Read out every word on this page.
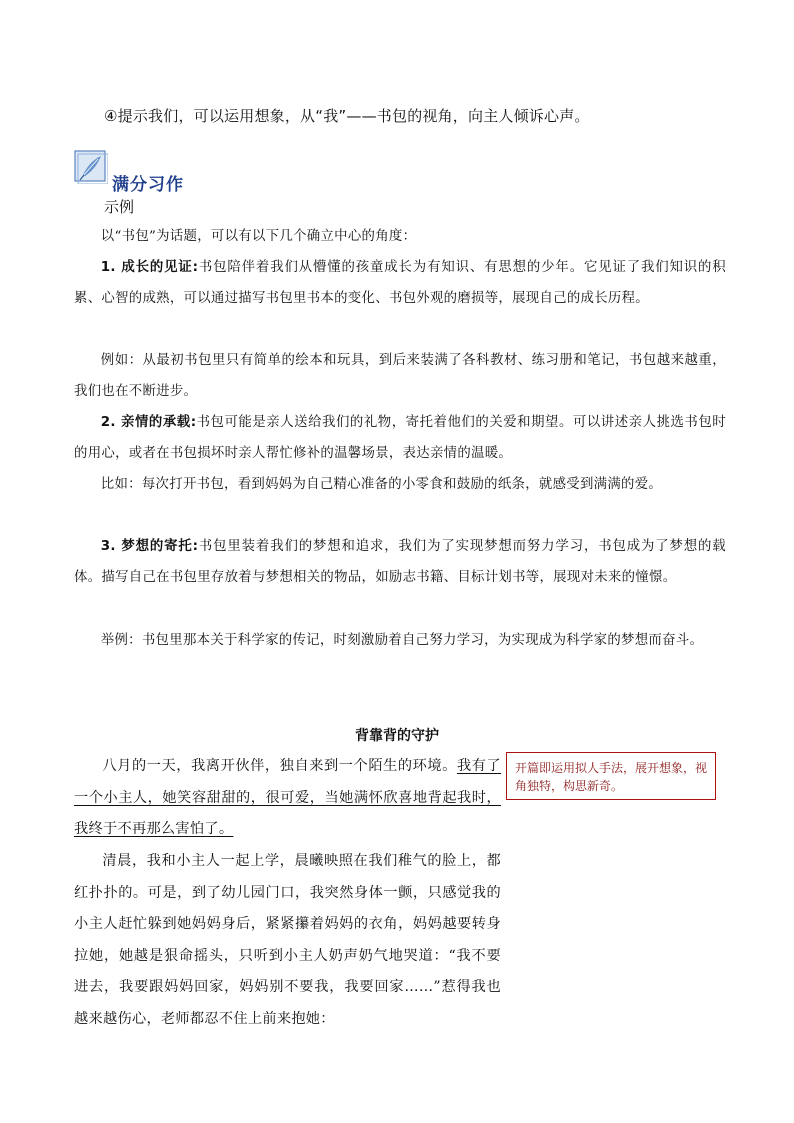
④提示我们，可以运用想象，从“我”——书包的视角，向主人倾诉心声。
满分习作
示例
以“书包”为话题，可以有以下几个确立中心的角度：
1. 成长的见证:书包陪伴着我们从懵懂的孩童成长为有知识、有思想的少年。它见证了我们知识的积累、心智的成熟，可以通过描写书包里书本的变化、书包外观的磨损等，展现自己的成长历程。
例如：从最初书包里只有简单的绘本和玩具，到后来装满了各科教材、练习册和笔记，书包越来越重，我们也在不断进步。
2. 亲情的承载:书包可能是亲人送给我们的礼物，寄托着他们的关爱和期望。可以讲述亲人挑选书包时的用心，或者在书包损坏时亲人帮忙修补的温馨场景，表达亲情的温暖。
比如：每次打开书包，看到妈妈为自己精心准备的小零食和鼓励的纸条，就感受到满满的爱。
3. 梦想的寄托:书包里装着我们的梦想和追求，我们为了实现梦想而努力学习，书包成为了梦想的载体。描写自己在书包里存放着与梦想相关的物品，如励志书籍、目标计划书等，展现对未来的憧憬。
举例：书包里那本关于科学家的传记，时刻激励着自己努力学习，为实现成为科学家的梦想而奋斗。
背靠背的守护
八月的一天，我离开伙伴，独自来到一个陌生的环境。我有了一个小主人，她笑容甜甜的，很可爱，当她满怀欣喜地背起我时，我终于不再那么害怕了。
清晨，我和小主人一起上学，晨曦映照在我们稚气的脸上，都红扑扑的。可是，到了幼儿园门口，我突然身体一颤，只感觉我的小主人赶忙躲到她妈妈身后，紧紧攥着妈妈的衣角，妈妈越要转身拉她，她越是狠命摇头，只听到小主人奶声奶气地哭道：“我不要进去，我要跟妈妈回家，妈妈别不要我，我要回家……”惹得我也越来越伤心，老师都忍不住上前来抱她：
开篇即运用拟人手法，展开想象，视角独特，构思新奇。
